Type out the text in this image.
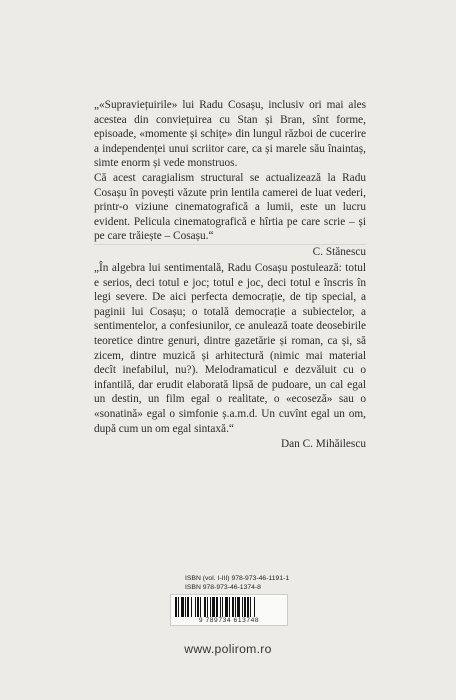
„«Supraviețuirile» lui Radu Cosașu, inclusiv ori mai ales acestea din conviețuirea cu Stan și Bran, sînt forme, episoade, «momente și schițe» din lungul război de cucerire a independenței unui scriitor care, ca și marele său înaintaș, simte enorm și vede monstruos.

Că acest caragialism structural se actualizează la Radu Cosașu în povești văzute prin lentila camerei de luat vederi, printr-o viziune cinematografică a lumii, este un lucru evident. Pelicula cinematografică e hîrtia pe care scrie – și pe care trăiește – Cosașu.“

C. Stănescu

„În algebra lui sentimentală, Radu Cosașu postulează: totul e serios, deci totul e joc; totul e joc, deci totul e înscris în legi severe. De aici perfecta democrație, de tip special, a paginii lui Cosașu; o totală democrație a subiectelor, a sentimentelor, a confesiunilor, ce anulează toate deosebirile teoretice dintre genuri, dintre gazetărie și roman, ca și, să zicem, dintre muzică și arhitectură (nimic mai material decît inefabilul, nu?). Melodramaticul e dezvăluit cu o infantilă, dar erudit elaborată lipsă de pudoare, un cal egal un destin, un film egal o realitate, o «ecoseză» sau o «sonatină» egal o simfonie ș.a.m.d. Un cuvînt egal un om, după cum un om egal sintaxă.“

Dan C. Mihăilescu
ISBN (vol. I-III) 978-973-46-1191-1
ISBN 978-973-46-1374-8
9 789734 613748
www.polirom.ro
